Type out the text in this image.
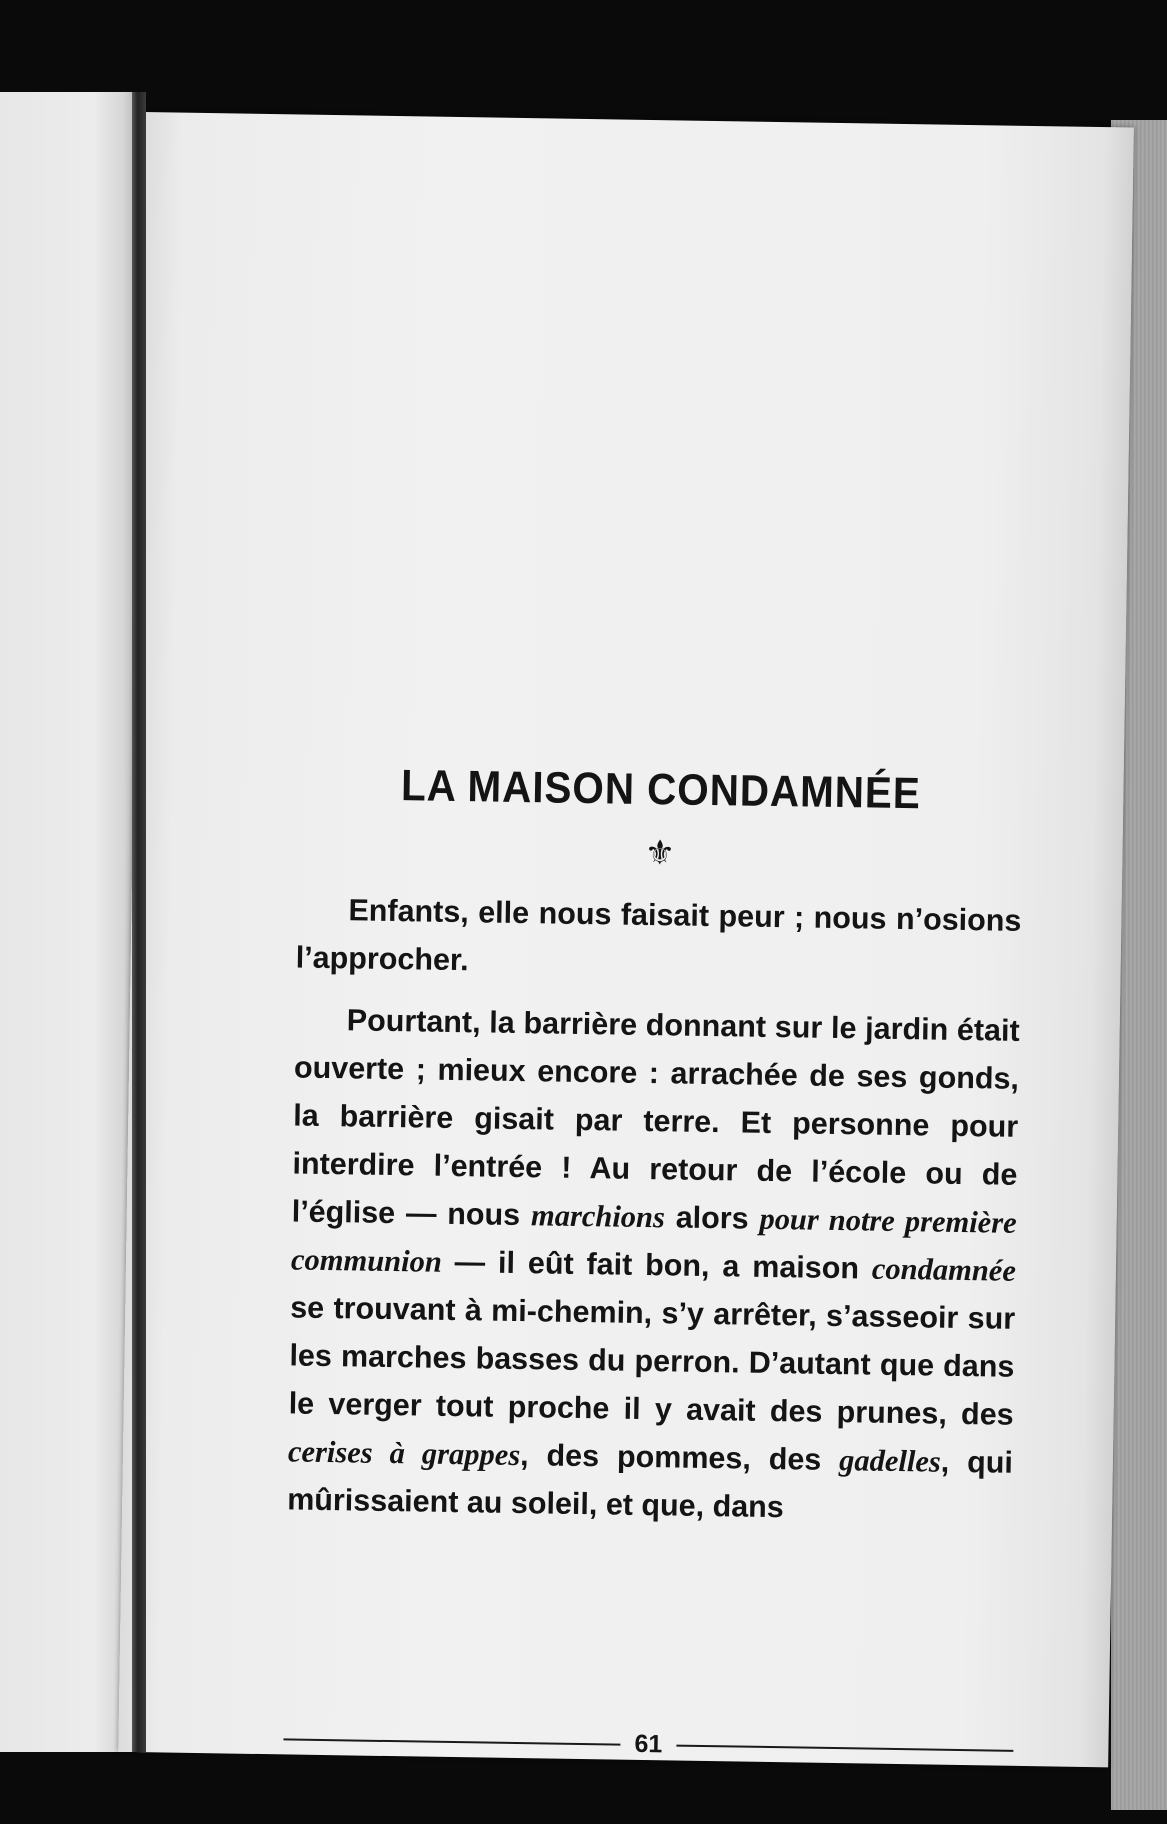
LA MAISON CONDAMNÉE
⚜

Enfants, elle nous faisait peur ; nous n’osions l’approcher.

Pourtant, la barrière donnant sur le jardin était ouverte ; mieux encore : arrachée de ses gonds, la barrière gisait par terre. Et personne pour interdire l’entrée ! Au retour de l’école ou de l’église — nous marchions alors pour notre première communion — il eût fait bon, a maison condamnée se trouvant à mi-chemin, s’y arrêter, s’asseoir sur les marches basses du perron. D’autant que dans le verger tout proche il y avait des prunes, des cerises à grappes, des pommes, des gadelles, qui mûrissaient au soleil, et que, dans

61
